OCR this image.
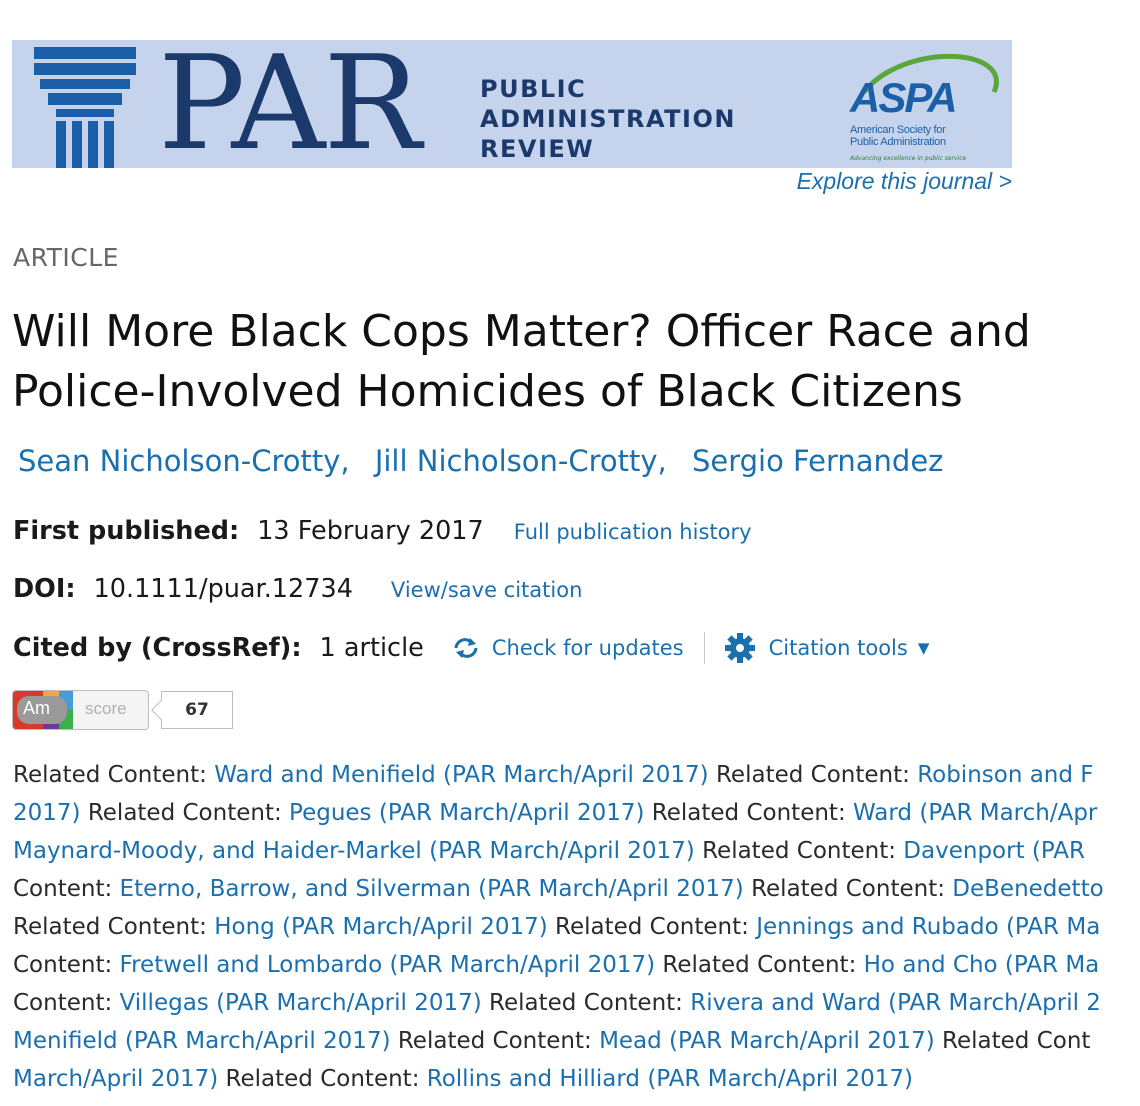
PAR	PUBLIC
ADMINISTRATION
REVIEW
ASPA
American Society for
Public Administration
Advancing excellence in public service
Explore this journal >
ARTICLE
Will More Black Cops Matter? Officer Race and
Police-Involved Homicides of Black Citizens
Sean Nicholson-Crotty, Jill Nicholson-Crotty, Sergio Fernandez
First published: 13 February 2017 Full publication history
DOI: 10.1111/puar.12734 View/save citation
Cited by (CrossRef): 1 article	Check for updates	Citation tools ▼
Am score	67
Related Content: Ward and Menifield (PAR March/April 2017) Related Content: Robinson and F
2017) Related Content: Pegues (PAR March/April 2017) Related Content: Ward (PAR March/Apr
Maynard-Moody, and Haider-Markel (PAR March/April 2017) Related Content: Davenport (PAR
Content: Eterno, Barrow, and Silverman (PAR March/April 2017) Related Content: DeBenedetto
Related Content: Hong (PAR March/April 2017) Related Content: Jennings and Rubado (PAR Ma
Content: Fretwell and Lombardo (PAR March/April 2017) Related Content: Ho and Cho (PAR Ma
Content: Villegas (PAR March/April 2017) Related Content: Rivera and Ward (PAR March/April 2
Menifield (PAR March/April 2017) Related Content: Mead (PAR March/April 2017) Related Cont
March/April 2017) Related Content: Rollins and Hilliard (PAR March/April 2017)
